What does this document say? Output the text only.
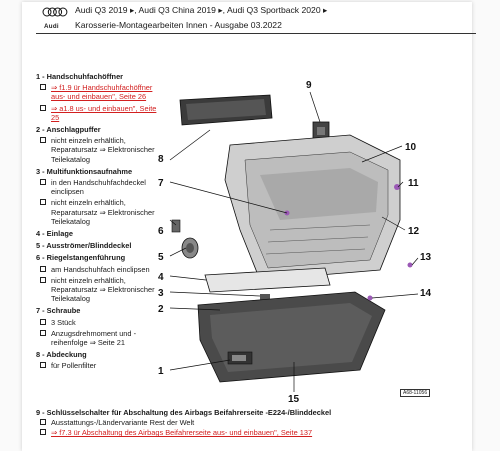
Audi
Audi Q3 2019 ▸, Audi Q3 China 2019 ▸, Audi Q3 Sportback 2020 ▸
Karosserie-Montagearbeiten Innen - Ausgabe 03.2022
1 - Handschuhfachöffner
⇒ f1.9 ür Handschuhfachöffner aus- und einbauen", Seite 26
⇒ a1.8 us- und einbauen", Seite 25
2 - Anschlagpuffer
nicht einzeln erhältlich, Reparatursatz ⇒ Elektronischer Teilekatalog
3 - Multifunktionsaufnahme
in den Handschuhfachdeckel einclipsen
nicht einzeln erhältlich, Reparatursatz ⇒ Elektronischer Teilekatalog
4 - Einlage
5 - Ausströmer/Blinddeckel
6 - Riegelstangenführung
am Handschuhfach einclipsen
nicht einzeln erhältlich, Reparatursatz ⇒ Elektronischer Teilekatalog
7 - Schraube
3 Stück
Anzugsdrehmoment und -reihenfolge ⇒ Seite 21
8 - Abdeckung
für Pollenfilter
9 - Schlüsselschalter für Abschaltung des Airbags Beifahrerseite -E224-/Blinddeckel
Ausstattungs-/Ländervariante Rest der Welt
⇒ f7.3 ür Abschaltung des Airbags Beifahrerseite aus- und einbauen", Seite 137
9
10
11
12
13
14
8
7
6
5
4
3
2
1
15
A68-11056
